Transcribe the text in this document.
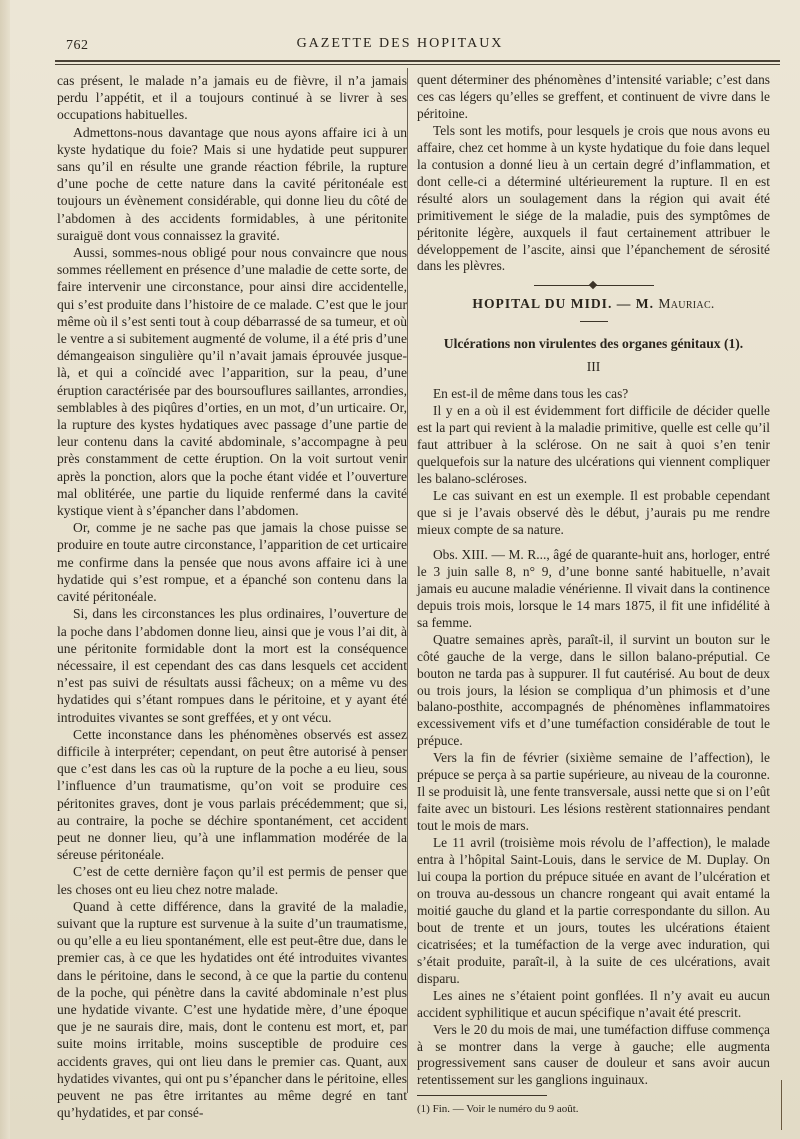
762	GAZETTE DES HOPITAUX

cas présent, le malade n’a jamais eu de fièvre, il n’a jamais perdu l’appétit, et il a toujours continué à se livrer à ses occupations habituelles.

Admettons-nous davantage que nous ayons affaire ici à un kyste hydatique du foie? Mais si une hydatide peut suppurer sans qu’il en résulte une grande réaction fébrile, la rupture d’une poche de cette nature dans la cavité péritonéale est toujours un évènement considérable, qui donne lieu du côté de l’abdomen à des accidents formidables, à une péritonite suraiguë dont vous connaissez la gravité.

Aussi, sommes-nous obligé pour nous convaincre que nous sommes réellement en présence d’une maladie de cette sorte, de faire intervenir une circonstance, pour ainsi dire accidentelle, qui s’est produite dans l’histoire de ce malade. C’est que le jour même où il s’est senti tout à coup débarrassé de sa tumeur, et où le ventre a si subitement augmenté de volume, il a été pris d’une démangeaison singulière qu’il n’avait jamais éprouvée jusque-là, et qui a coïncidé avec l’apparition, sur la peau, d’une éruption caractérisée par des boursouflures saillantes, arrondies, semblables à des piqûres d’orties, en un mot, d’un urticaire. Or, la rupture des kystes hydatiques avec passage d’une partie de leur contenu dans la cavité abdominale, s’accompagne à peu près constamment de cette éruption. On la voit surtout venir après la ponction, alors que la poche étant vidée et l’ouverture mal oblitérée, une partie du liquide renfermé dans la cavité kystique vient à s’épancher dans l’abdomen.

Or, comme je ne sache pas que jamais la chose puisse se produire en toute autre circonstance, l’apparition de cet urticaire me confirme dans la pensée que nous avons affaire ici à une hydatide qui s’est rompue, et a épanché son contenu dans la cavité péritonéale.

Si, dans les circonstances les plus ordinaires, l’ouverture de la poche dans l’abdomen donne lieu, ainsi que je vous l’ai dit, à une péritonite formidable dont la mort est la conséquence nécessaire, il est cependant des cas dans lesquels cet accident n’est pas suivi de résultats aussi fâcheux; on a même vu des hydatides qui s’étant rompues dans le péritoine, et y ayant été introduites vivantes se sont greffées, et y ont vécu.

Cette inconstance dans les phénomènes observés est assez difficile à interpréter; cependant, on peut être autorisé à penser que c’est dans les cas où la rupture de la poche a eu lieu, sous l’influence d’un traumatisme, qu’on voit se produire ces péritonites graves, dont je vous parlais précédemment; que si, au contraire, la poche se déchire spontanément, cet accident peut ne donner lieu, qu’à une inflammation modérée de la séreuse péritonéale.

C’est de cette dernière façon qu’il est permis de penser que les choses ont eu lieu chez notre malade.

Quand à cette différence, dans la gravité de la maladie, suivant que la rupture est survenue à la suite d’un traumatisme, ou qu’elle a eu lieu spontanément, elle est peut-être due, dans le premier cas, à ce que les hydatides ont été introduites vivantes dans le péritoine, dans le second, à ce que la partie du contenu de la poche, qui pénètre dans la cavité abdominale n’est plus une hydatide vivante. C’est une hydatide mère, d’une époque que je ne saurais dire, mais, dont le contenu est mort, et, par suite moins irritable, moins susceptible de produire ces accidents graves, qui ont lieu dans le premier cas. Quant, aux hydatides vivantes, qui ont pu s’épancher dans le péritoine, elles peuvent ne pas être irritantes au même degré en tant qu’hydatides, et par consé-

quent déterminer des phénomènes d’intensité variable; c’est dans ces cas légers qu’elles se greffent, et continuent de vivre dans le péritoine.

Tels sont les motifs, pour lesquels je crois que nous avons eu affaire, chez cet homme à un kyste hydatique du foie dans lequel la contusion a donné lieu à un certain degré d’inflammation, et dont celle-ci a déterminé ultérieurement la rupture. Il en est résulté alors un soulagement dans la région qui avait été primitivement le siége de la maladie, puis des symptômes de péritonite légère, auxquels il faut certainement attribuer le développement de l’ascite, ainsi que l’épanchement de sérosité dans les plèvres.

HOPITAL DU MIDI. — M. Mauriac.
Ulcérations non virulentes des organes génitaux (1).
III

En est-il de même dans tous les cas?

Il y en a où il est évidemment fort difficile de décider quelle est la part qui revient à la maladie primitive, quelle est celle qu’il faut attribuer à la sclérose. On ne sait à quoi s’en tenir quelquefois sur la nature des ulcérations qui viennent compliquer les balano-scléroses.

Le cas suivant en est un exemple. Il est probable cependant que si je l’avais observé dès le début, j’aurais pu me rendre mieux compte de sa nature.

Obs. XIII. — M. R..., âgé de quarante-huit ans, horloger, entré le 3 juin salle 8, n° 9, d’une bonne santé habituelle, n’avait jamais eu aucune maladie vénérienne. Il vivait dans la continence depuis trois mois, lorsque le 14 mars 1875, il fit une infidélité à sa femme.

Quatre semaines après, paraît-il, il survint un bouton sur le côté gauche de la verge, dans le sillon balano-préputial. Ce bouton ne tarda pas à suppurer. Il fut cautérisé. Au bout de deux ou trois jours, la lésion se compliqua d’un phimosis et d’une balano-posthite, accompagnés de phénomènes inflammatoires excessivement vifs et d’une tuméfaction considérable de tout le prépuce.

Vers la fin de février (sixième semaine de l’affection), le prépuce se perça à sa partie supérieure, au niveau de la couronne. Il se produisit là, une fente transversale, aussi nette que si on l’eût faite avec un bistouri. Les lésions restèrent stationnaires pendant tout le mois de mars.

Le 11 avril (troisième mois révolu de l’affection), le malade entra à l’hôpital Saint-Louis, dans le service de M. Duplay. On lui coupa la portion du prépuce située en avant de l’ulcération et on trouva au-dessous un chancre rongeant qui avait entamé la moitié gauche du gland et la partie correspondante du sillon. Au bout de trente et un jours, toutes les ulcérations étaient cicatrisées; et la tuméfaction de la verge avec induration, qui s’était produite, paraît-il, à la suite de ces ulcérations, avait disparu.

Les aines ne s’étaient point gonflées. Il n’y avait eu aucun accident syphilitique et aucun spécifique n’avait été prescrit.

Vers le 20 du mois de mai, une tuméfaction diffuse commença à se montrer dans la verge à gauche; elle augmenta progressivement sans causer de douleur et sans avoir aucun retentissement sur les ganglions inguinaux.

(1) Fin. — Voir le numéro du 9 août.
